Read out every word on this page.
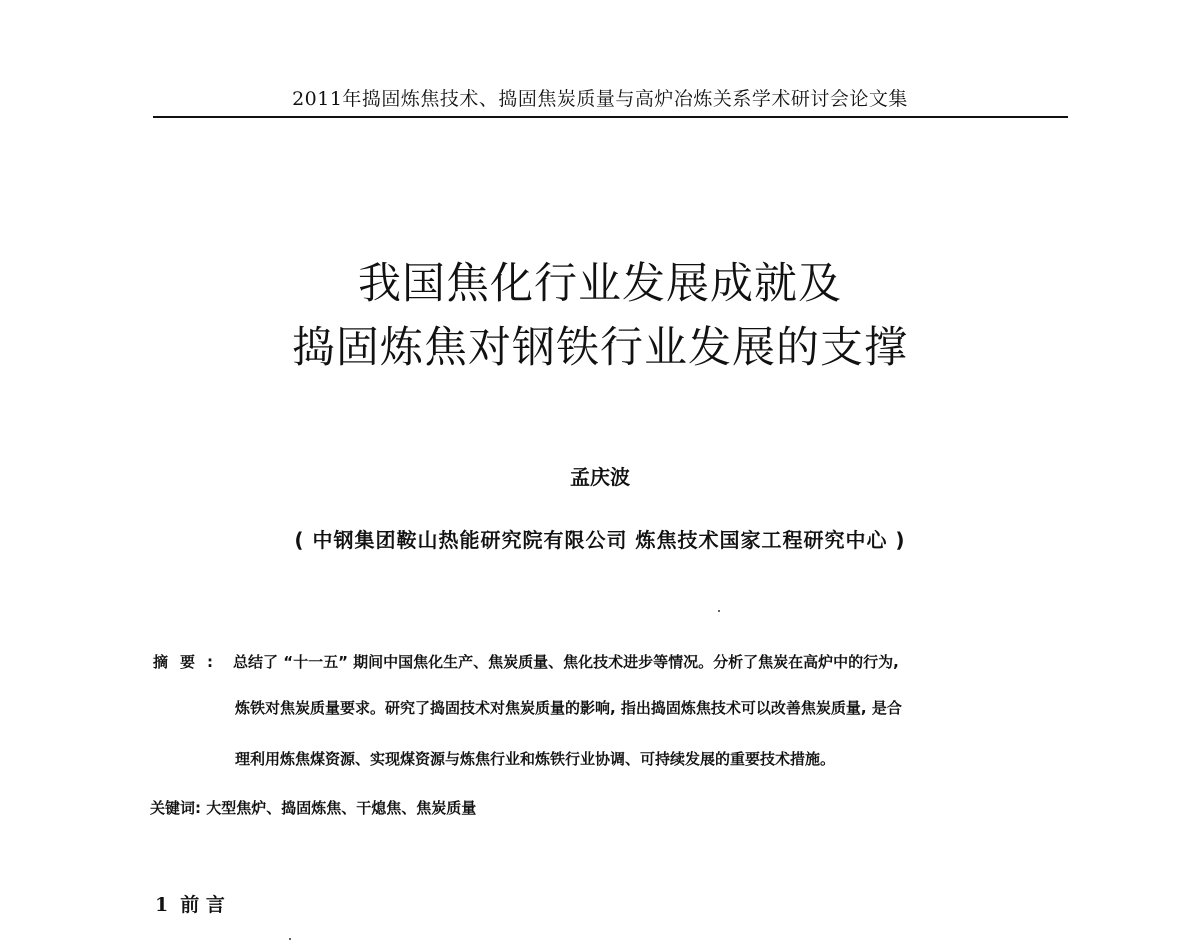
2011年捣固炼焦技术、捣固焦炭质量与高炉冶炼关系学术研讨会论文集
我国焦化行业发展成就及
捣固炼焦对钢铁行业发展的支撑
孟庆波
( 中钢集团鞍山热能研究院有限公司 炼焦技术国家工程研究中心 )
摘要: 总结了 “十一五” 期间中国焦化生产、焦炭质量、焦化技术进步等情况。分析了焦炭在高炉中的行为,
炼铁对焦炭质量要求。研究了捣固技术对焦炭质量的影响, 指出捣固炼焦技术可以改善焦炭质量, 是合
理利用炼焦煤资源、实现煤资源与炼焦行业和炼铁行业协调、可持续发展的重要技术措施。
关键词: 大型焦炉、捣固炼焦、干熄焦、焦炭质量
1 前 言
